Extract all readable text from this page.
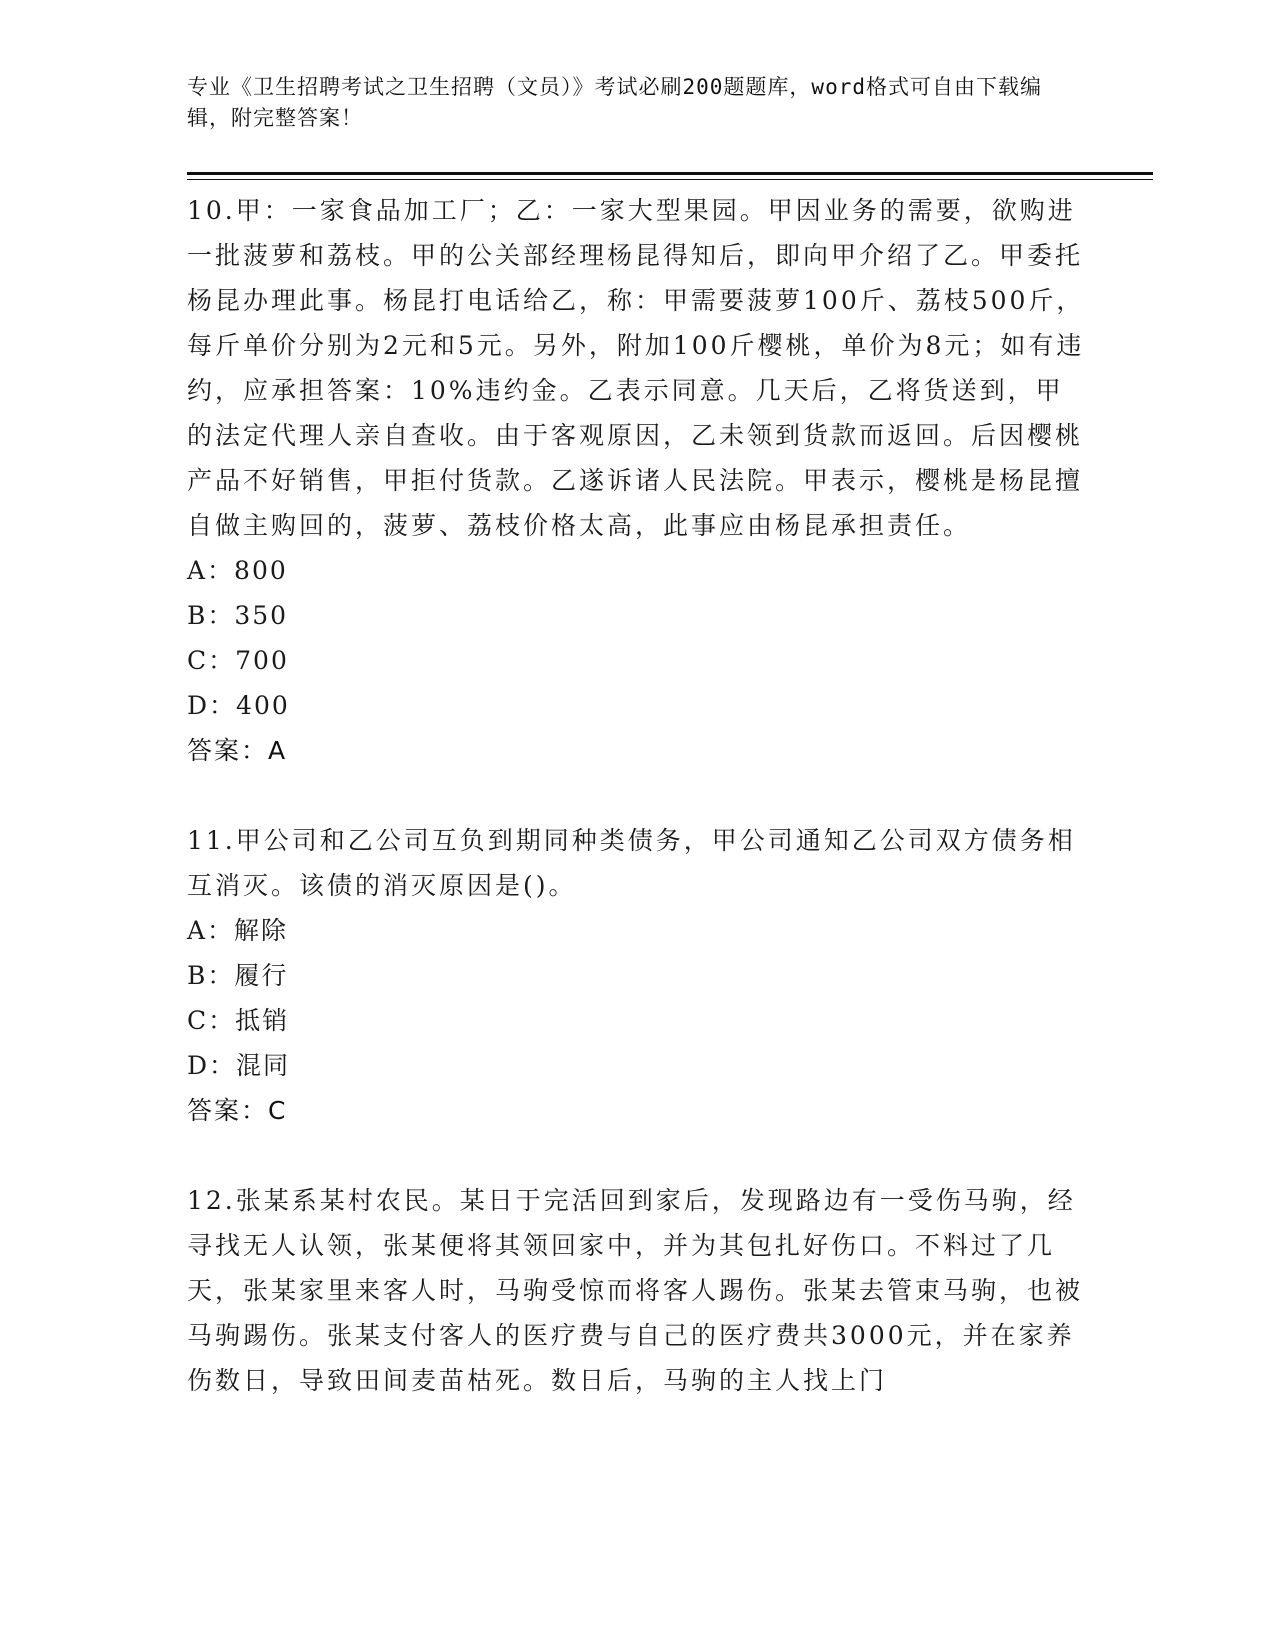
专业《卫生招聘考试之卫生招聘（文员）》考试必刷200题题库，word格式可自由下载编辑，附完整答案！

10.甲：一家食品加工厂；乙：一家大型果园。甲因业务的需要，欲购进一批菠萝和荔枝。甲的公关部经理杨昆得知后，即向甲介绍了乙。甲委托杨昆办理此事。杨昆打电话给乙，称：甲需要菠萝100斤、荔枝500斤，每斤单价分别为2元和5元。另外，附加100斤樱桃，单价为8元；如有违约，应承担答案：10%违约金。乙表示同意。几天后，乙将货送到，甲的法定代理人亲自查收。由于客观原因，乙未领到货款而返回。后因樱桃产品不好销售，甲拒付货款。乙遂诉诸人民法院。甲表示，樱桃是杨昆擅自做主购回的，菠萝、荔枝价格太高，此事应由杨昆承担责任。

A：800

B：350

C：700

D：400

答案：A

11.甲公司和乙公司互负到期同种类债务，甲公司通知乙公司双方债务相互消灭。该债的消灭原因是()。

A：解除

B：履行

C：抵销

D：混同

答案：C

12.张某系某村农民。某日于完活回到家后，发现路边有一受伤马驹，经寻找无人认领，张某便将其领回家中，并为其包扎好伤口。不料过了几天，张某家里来客人时，马驹受惊而将客人踢伤。张某去管束马驹，也被马驹踢伤。张某支付客人的医疗费与自己的医疗费共3000元，并在家养伤数日，导致田间麦苗枯死。数日后，马驹的主人找上门
